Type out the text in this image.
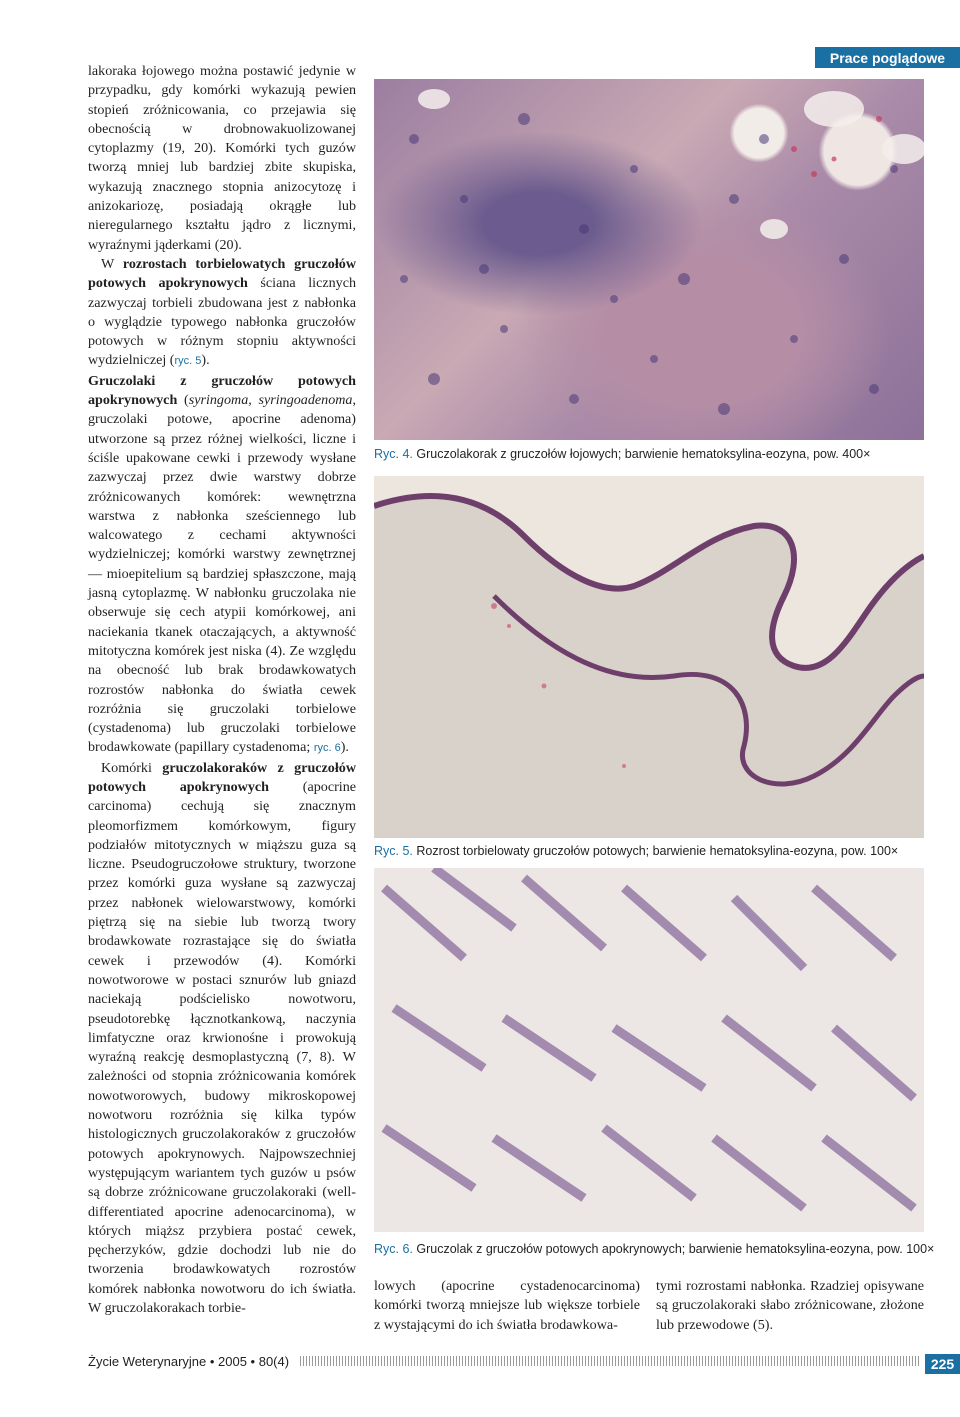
Prace poglądowe

lakoraka łojowego można postawić jedynie w przypadku, gdy komórki wykazują pewien stopień zróżnicowania, co przejawia się obecnością w drobnowakuolizowanej cytoplazmy (19, 20). Komórki tych guzów tworzą mniej lub bardziej zbite skupiska, wykazują znacznego stopnia anizocytozę i anizokariozę, posiadają okrągłe lub nieregularnego kształtu jądro z licznymi, wyraźnymi jąderkami (20).

W rozrostach torbielowatych gruczołów potowych apokrynowych ściana licznych zazwyczaj torbieli zbudowana jest z nabłonka o wyglądzie typowego nabłonka gruczołów potowych w różnym stopniu aktywności wydzielniczej (ryc. 5).

Gruczolaki z gruczołów potowych apokrynowych (syringoma, syringoadenoma, gruczolaki potowe, apocrine adenoma) utworzone są przez różnej wielkości, liczne i ściśle upakowane cewki i przewody wysłane zazwyczaj przez dwie warstwy dobrze zróżnicowanych komórek: wewnętrzna warstwa z nabłonka sześciennego lub walcowatego z cechami aktywności wydzielniczej; komórki warstwy zewnętrznej — mioepitelium są bardziej spłaszczone, mają jasną cytoplazmę. W nabłonku gruczolaka nie obserwuje się cech atypii komórkowej, ani naciekania tkanek otaczających, a aktywność mitotyczna komórek jest niska (4). Ze względu na obecność lub brak brodawkowatych rozrostów nabłonka do światła cewek rozróżnia się gruczolaki torbielowe (cystadenoma) lub gruczolaki torbielowe brodawkowate (papillary cystadenoma; ryc. 6).

Komórki gruczolakoraków z gruczołów potowych apokrynowych (apocrine carcinoma) cechują się znacznym pleomorfizmem komórkowym, figury podziałów mitotycznych w miąższu guza są liczne. Pseudogruczołowe struktury, tworzone przez komórki guza wysłane są zazwyczaj przez nabłonek wielowarstwowy, komórki piętrzą się na siebie lub tworzą twory brodawkowate rozrastające się do światła cewek i przewodów (4). Komórki nowotworowe w postaci sznurów lub gniazd naciekają podścielisko nowotworu, pseudotorebkę łącznotkankową, naczynia limfatyczne oraz krwionośne i prowokują wyraźną reakcję desmoplastyczną (7, 8). W zależności od stopnia zróżnicowania komórek nowotworowych, budowy mikroskopowej nowotworu rozróżnia się kilka typów histologicznych gruczolakoraków z gruczołów potowych apokrynowych. Najpowszechniej występującym wariantem tych guzów u psów są dobrze zróżnicowane gruczolakoraki (well-differentiated apocrine adenocarcinoma), w których miąższ przybiera postać cewek, pęcherzyków, gdzie dochodzi lub nie do tworzenia brodawkowatych rozrostów komórek nabłonka nowotworu do ich światła. W gruczolakorakach torbie-

Ryc. 4. Gruczolakorak z gruczołów łojowych; barwienie hematoksylina-eozyna, pow. 400×
Ryc. 5. Rozrost torbielowaty gruczołów potowych; barwienie hematoksylina-eozyna, pow. 100×
Ryc. 6. Gruczolak z gruczołów potowych apokrynowych; barwienie hematoksylina-eozyna, pow. 100×

lowych (apocrine cystadenocarcinoma) komórki tworzą mniejsze lub większe torbiele z wystającymi do ich światła brodawkowa-

tymi rozrostami nabłonka. Rzadziej opisywane są gruczolakoraki słabo zróżnicowane, złożone lub przewodowe (5).

Życie Weterynaryjne • 2005 • 80(4)	225
